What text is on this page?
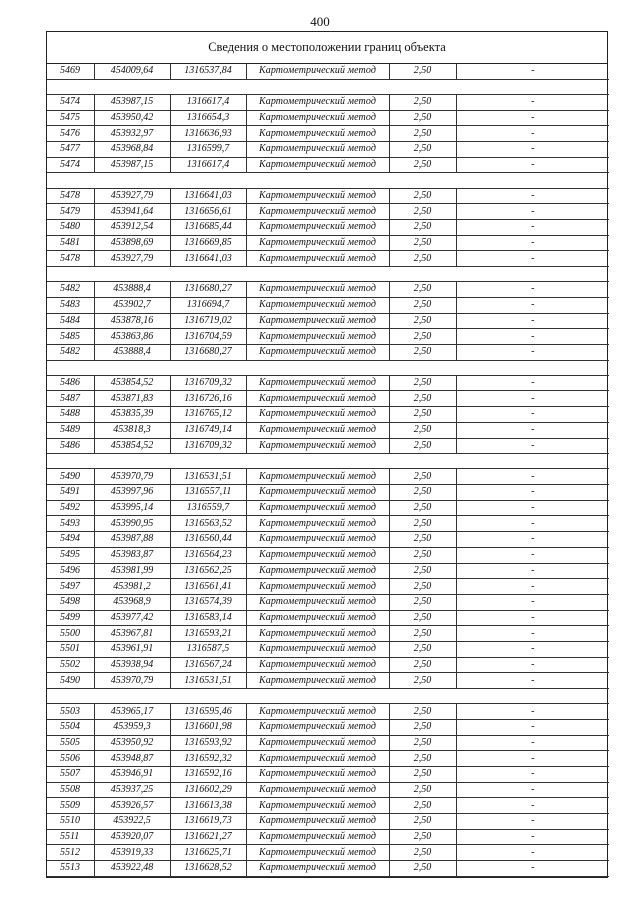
400
Сведения о местоположении границ объекта
5469	454009,64	1316537,84	Картометрический метод	2,50	-

5474	453987,15	1316617,4	Картометрический метод	2,50	-
5475	453950,42	1316654,3	Картометрический метод	2,50	-
5476	453932,97	1316636,93	Картометрический метод	2,50	-
5477	453968,84	1316599,7	Картометрический метод	2,50	-
5474	453987,15	1316617,4	Картометрический метод	2,50	-

5478	453927,79	1316641,03	Картометрический метод	2,50	-
5479	453941,64	1316656,61	Картометрический метод	2,50	-
5480	453912,54	1316685,44	Картометрический метод	2,50	-
5481	453898,69	1316669,85	Картометрический метод	2,50	-
5478	453927,79	1316641,03	Картометрический метод	2,50	-

5482	453888,4	1316680,27	Картометрический метод	2,50	-
5483	453902,7	1316694,7	Картометрический метод	2,50	-
5484	453878,16	1316719,02	Картометрический метод	2,50	-
5485	453863,86	1316704,59	Картометрический метод	2,50	-
5482	453888,4	1316680,27	Картометрический метод	2,50	-

5486	453854,52	1316709,32	Картометрический метод	2,50	-
5487	453871,83	1316726,16	Картометрический метод	2,50	-
5488	453835,39	1316765,12	Картометрический метод	2,50	-
5489	453818,3	1316749,14	Картометрический метод	2,50	-
5486	453854,52	1316709,32	Картометрический метод	2,50	-

5490	453970,79	1316531,51	Картометрический метод	2,50	-
5491	453997,96	1316557,11	Картометрический метод	2,50	-
5492	453995,14	1316559,7	Картометрический метод	2,50	-
5493	453990,95	1316563,52	Картометрический метод	2,50	-
5494	453987,88	1316560,44	Картометрический метод	2,50	-
5495	453983,87	1316564,23	Картометрический метод	2,50	-
5496	453981,99	1316562,25	Картометрический метод	2,50	-
5497	453981,2	1316561,41	Картометрический метод	2,50	-
5498	453968,9	1316574,39	Картометрический метод	2,50	-
5499	453977,42	1316583,14	Картометрический метод	2,50	-
5500	453967,81	1316593,21	Картометрический метод	2,50	-
5501	453961,91	1316587,5	Картометрический метод	2,50	-
5502	453938,94	1316567,24	Картометрический метод	2,50	-
5490	453970,79	1316531,51	Картометрический метод	2,50	-

5503	453965,17	1316595,46	Картометрический метод	2,50	-
5504	453959,3	1316601,98	Картометрический метод	2,50	-
5505	453950,92	1316593,92	Картометрический метод	2,50	-
5506	453948,87	1316592,32	Картометрический метод	2,50	-
5507	453946,91	1316592,16	Картометрический метод	2,50	-
5508	453937,25	1316602,29	Картометрический метод	2,50	-
5509	453926,57	1316613,38	Картометрический метод	2,50	-
5510	453922,5	1316619,73	Картометрический метод	2,50	-
5511	453920,07	1316621,27	Картометрический метод	2,50	-
5512	453919,33	1316625,71	Картометрический метод	2,50	-
5513	453922,48	1316628,52	Картометрический метод	2,50	-
